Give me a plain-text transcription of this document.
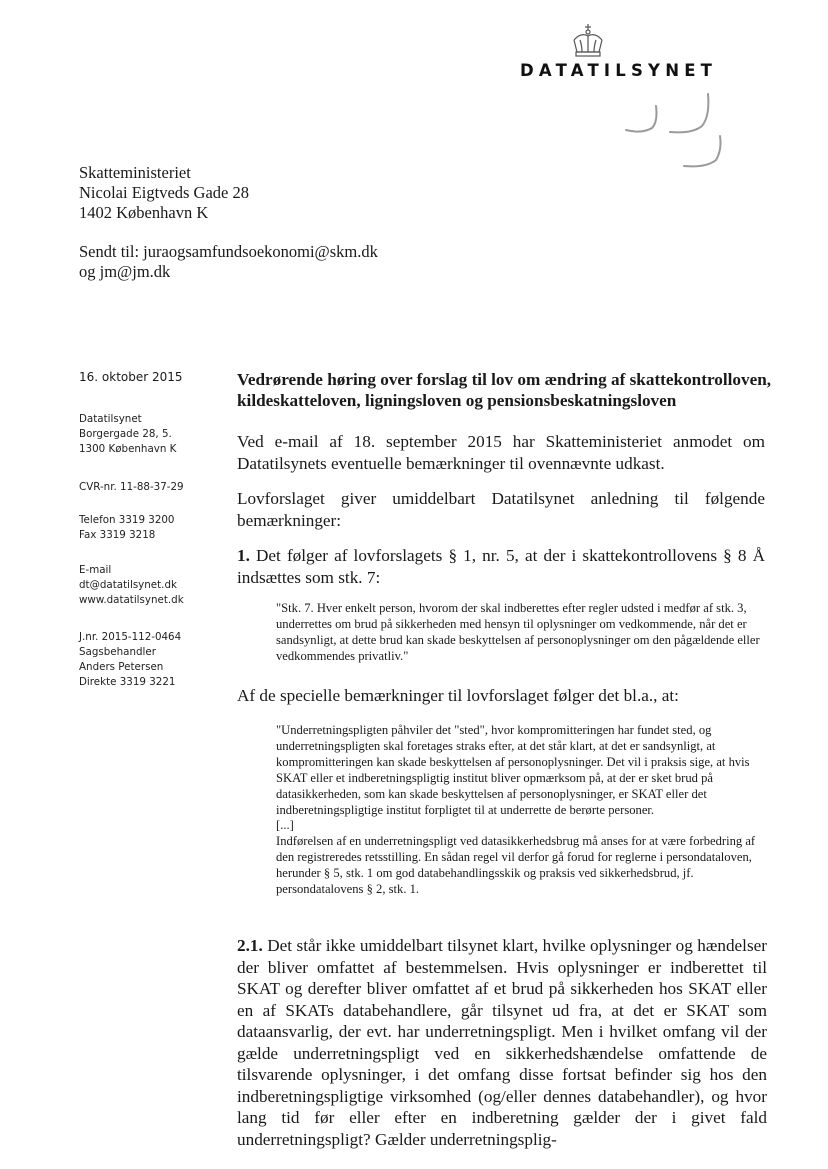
DATATILSYNET
Skatteministeriet
Nicolai Eigtveds Gade 28
1402 København K
Sendt til: juraogsamfundsoekonomi@skm.dk
og jm@jm.dk
16. oktober 2015
Datatilsynet
Borgergade 28, 5.
1300 København K
CVR-nr. 11-88-37-29
Telefon 3319 3200
Fax 3319 3218
E-mail
dt@datatilsynet.dk
www.datatilsynet.dk
J.nr. 2015-112-0464
Sagsbehandler
Anders Petersen
Direkte 3319 3221
Vedrørende høring over forslag til lov om ændring af skattekontrolloven, kildeskatteloven, ligningsloven og pensionsbeskatningsloven

Ved e-mail af 18. september 2015 har Skatteministeriet anmodet om Datatilsynets eventuelle bemærkninger til ovennævnte udkast.

Lovforslaget giver umiddelbart Datatilsynet anledning til følgende bemærkninger:

1. Det følger af lovforslagets § 1, nr. 5, at der i skattekontrollovens § 8 Å indsættes som stk. 7:

"Stk. 7. Hver enkelt person, hvorom der skal indberettes efter regler udsted i medfør af stk. 3, underrettes om brud på sikkerheden med hensyn til oplysninger om vedkommende, når det er sandsynligt, at dette brud kan skade beskyttelsen af personoplysninger om den pågældende eller vedkommendes privatliv."

Af de specielle bemærkninger til lovforslaget følger det bl.a., at:

"Underretningspligten påhviler det "sted", hvor kompromitteringen har fundet sted, og underretningspligten skal foretages straks efter, at det står klart, at det er sandsynligt, at kompromitteringen kan skade beskyttelsen af personoplysninger. Det vil i praksis sige, at hvis SKAT eller et indberetningspligtig institut bliver opmærksom på, at der er sket brud på datasikkerheden, som kan skade beskyttelsen af personoplysninger, er SKAT eller det indberetningspligtige institut forpligtet til at underrette de berørte personer.

[...]

Indførelsen af en underretningspligt ved datasikkerhedsbrug må anses for at være forbedring af den registreredes retsstilling. En sådan regel vil derfor gå forud for reglerne i persondataloven, herunder § 5, stk. 1 om god databehandlingsskik og praksis ved sikkerhedsbrud, jf. persondatalovens § 2, stk. 1.

2.1. Det står ikke umiddelbart tilsynet klart, hvilke oplysninger og hændelser der bliver omfattet af bestemmelsen. Hvis oplysninger er indberettet til SKAT og derefter bliver omfattet af et brud på sikkerheden hos SKAT eller en af SKATs databehandlere, går tilsynet ud fra, at det er SKAT som dataansvarlig, der evt. har underretningspligt. Men i hvilket omfang vil der gælde underretningspligt ved en sikkerhedshændelse omfattende de tilsvarende oplysninger, i det omfang disse fortsat befinder sig hos den indberetningspligtige virksomhed (og/eller dennes databehandler), og hvor lang tid før eller efter en indberetning gælder der i givet fald underretningspligt? Gælder underretningsplig-
